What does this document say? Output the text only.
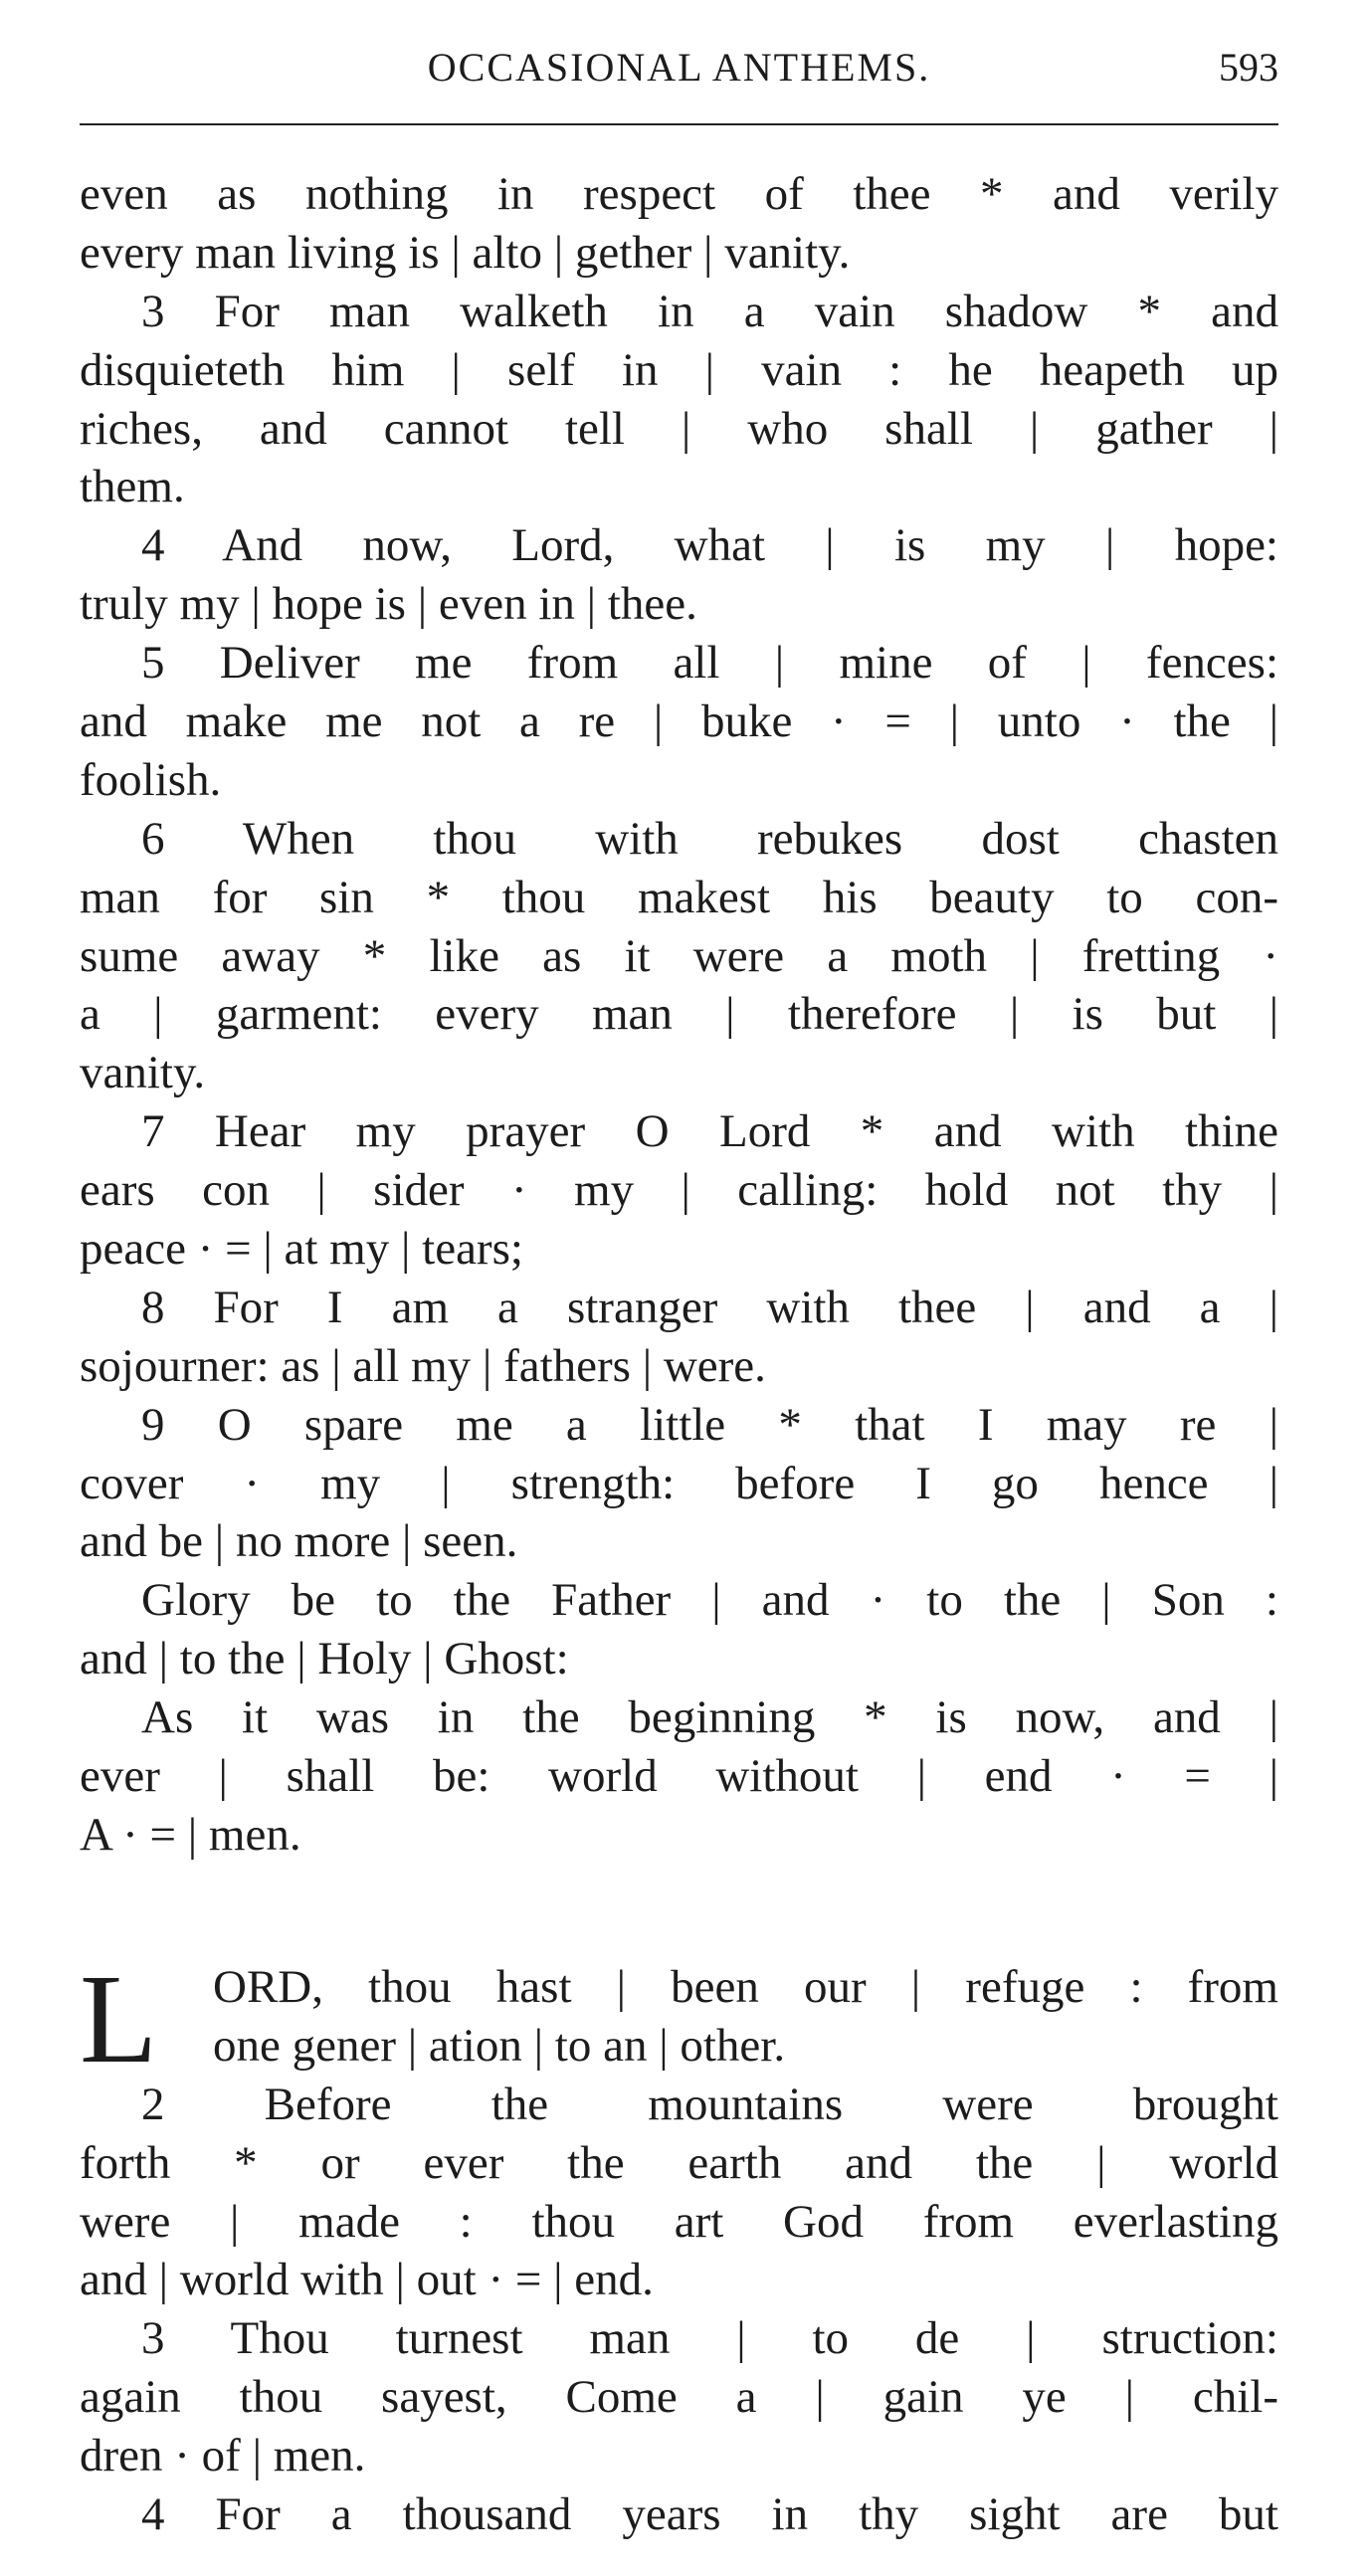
OCCASIONAL ANTHEMS.	593
even as nothing in respect of thee * and verily
every man living is | alto | gether | vanity.
3 For man walketh in a vain shadow * and
disquieteth him | self in | vain : he heapeth up
riches, and cannot tell | who shall | gather |
them.
4 And now, Lord, what | is my | hope:
truly my | hope is | even in | thee.
5 Deliver me from all | mine of | fences:
and make me not a re | buke · = | unto · the |
foolish.
6 When thou with rebukes dost chasten
man for sin * thou makest his beauty to con-
sume away * like as it were a moth | fretting ·
a | garment: every man | therefore | is but |
vanity.
7 Hear my prayer O Lord * and with thine
ears con | sider · my | calling: hold not thy |
peace · = | at my | tears;
8 For I am a stranger with thee | and a |
sojourner: as | all my | fathers | were.
9 O spare me a little * that I may re |
cover · my | strength: before I go hence |
and be | no more | seen.
Glory be to the Father | and · to the | Son :
and | to the | Holy | Ghost:
As it was in the beginning * is now, and |
ever | shall be: world without | end · = |
A · = | men.
L	ORD, thou hast | been our | refuge : from
one gener | ation | to an | other.
2 Before the mountains were brought
forth * or ever the earth and the | world
were | made : thou art God from everlasting
and | world with | out · = | end.
3 Thou turnest man | to de | struction:
again thou sayest, Come a | gain ye | chil-
dren · of | men.
4 For a thousand years in thy sight are but
